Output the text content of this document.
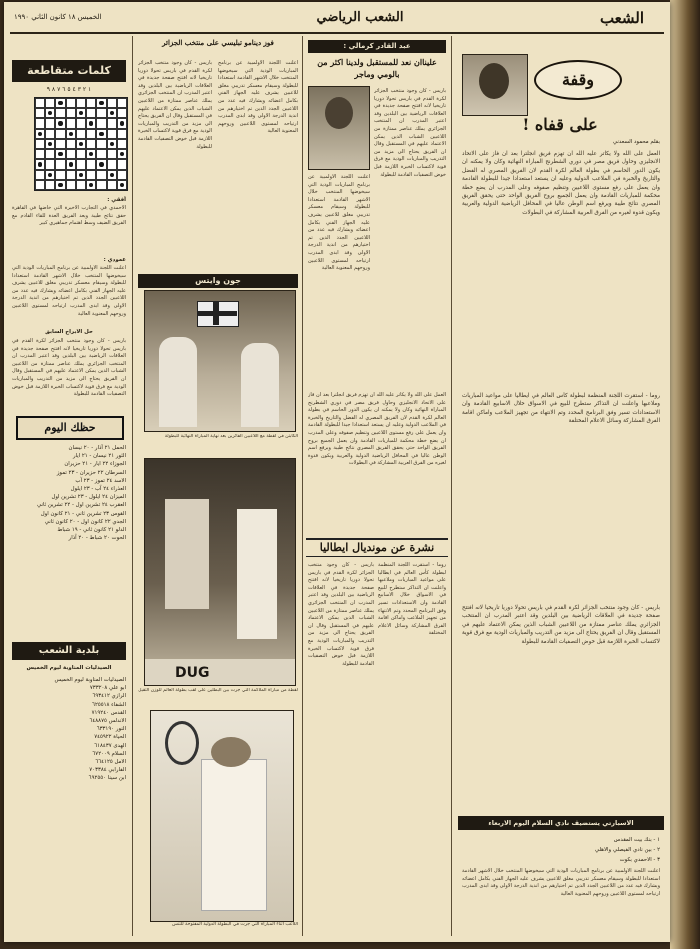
الشعب
الشعب الرياضي
الخميس ١٨ كانون الثاني ١٩٩٠
كلمات متقاطعة
١ ٢ ٣ ٤ ٥ ٦ ٧ ٨ ٩
أفقي :
الاحمدي في التجارب الاخيرة التي خاضها في القاهرة حقق نتائج طيبة ويعد الفريق العدة للقاء القادم مع الفريق الضيف وسط اهتمام جماهيري كبير
عمودي :
اعلنت اللجنة الاولمبية عن برنامج المباريات الودية التي سيخوضها المنتخب خلال الاشهر القادمة استعدادا للبطولة وسيقام معسكر تدريبي مغلق للاعبين يشرف عليه الجهاز الفني بكامل اعضائه ويشارك فيه عدد من اللاعبين الجدد الذين تم اختيارهم من اندية الدرجة الاولى وقد ابدى المدرب ارتياحه لمستوى اللاعبين وروحهم المعنوية العالية
حل الابراج السابق
باريس - كان وجود منتخب الجزائر لكرة القدم في باريس تحولا دوريا تاريخيا لانه افتتح صفحة جديدة في العلاقات الرياضية بين البلدين وقد اعتبر المدرب ان المنتخب الجزائري يملك عناصر ممتازة من اللاعبين الشباب الذين يمكن الاعتماد عليهم في المستقبل وقال ان الفريق يحتاج الى مزيد من التدريب والمباريات الودية مع فرق قوية لاكتساب الخبرة اللازمة قبل خوض التصفيات القادمة للبطولة
حظك اليوم
الحمل ٢١ آذار - ٢٠ نيسان
الثور ٢١ نيسان - ٢١ ايار
الجوزاء ٢٢ ايار - ٢١ حزيران
السرطان ٢٢ حزيران - ٢٣ تموز
الاسد ٢٤ تموز - ٢٣ آب
العذراء ٢٤ آب - ٢٣ ايلول
الميزان ٢٤ ايلول - ٢٣ تشرين اول
العقرب ٢٤ تشرين اول - ٢٢ تشرين ثاني
القوس ٢٣ تشرين ثاني - ٢١ كانون اول
الجدي ٢٢ كانون اول - ٢٠ كانون ثاني
الدلو ٢١ كانون ثاني - ١٩ شباط
الحوت ٢٠ شباط - ٢٠ آذار
بلدية الشعب
الصيدليات المناوبة ليوم الخميس
الصيدليات المناوبة ليوم الخميس
ابو علي ٧٣٣٢٠٨
الرازي ٦٩٣٤١٢
الشفاء ٦٢٥٥١٨
القدس ٧١٩٢٤٠
الاندلس ٦٤٨٨٧٥
النور ٦٣٣١٩٠
الحياة ٧٤٥٩٢٢
الهدى ٦١٨٤٣٧
السلام ٦٧٢٠٠٩
الامل ٦٦٤١٢٥
الفارابي ٧٠٣٣٨٤
ابن سينا ٦٩٢٥٥٠
فوز دينامو تبليسي على منتخب الجزائر
باريس - كان وجود منتخب الجزائر لكرة القدم في باريس تحولا دوريا تاريخيا لانه افتتح صفحة جديدة في العلاقات الرياضية بين البلدين وقد اعتبر المدرب ان المنتخب الجزائري يملك عناصر ممتازة من اللاعبين الشباب الذين يمكن الاعتماد عليهم في المستقبل وقال ان الفريق يحتاج الى مزيد من التدريب والمباريات الودية مع فرق قوية لاكتساب الخبرة اللازمة قبل خوض التصفيات القادمة للبطولة
اعلنت اللجنة الاولمبية عن برنامج المباريات الودية التي سيخوضها المنتخب خلال الاشهر القادمة استعدادا للبطولة وسيقام معسكر تدريبي مغلق للاعبين يشرف عليه الجهاز الفني بكامل اعضائه ويشارك فيه عدد من اللاعبين الجدد الذين تم اختيارهم من اندية الدرجة الاولى وقد ابدى المدرب ارتياحه لمستوى اللاعبين وروحهم المعنوية العالية
جون وايتس
الكابتن في لقطة مع اللاعبين الفائزين بعد نهاية المباراة النهائية للبطولة
DUG
لقطة من مباراة الملاكمة التي جرت بين البطلين على لقب بطولة العالم للوزن الثقيل
اللاعب اثناء المباراة التي جرت في البطولة الدولية المفتوحة للتنس
عبد القادر كرمالي :
عليناان نعد للمستقبل ولدينا اكثر من بالومي وماجر
باريس - كان وجود منتخب الجزائر لكرة القدم في باريس تحولا دوريا تاريخيا لانه افتتح صفحة جديدة في العلاقات الرياضية بين البلدين وقد اعتبر المدرب ان المنتخب الجزائري يملك عناصر ممتازة من اللاعبين الشباب الذين يمكن الاعتماد عليهم في المستقبل وقال ان الفريق يحتاج الى مزيد من التدريب والمباريات الودية مع فرق قوية لاكتساب الخبرة اللازمة قبل خوض التصفيات القادمة للبطولة
اعلنت اللجنة الاولمبية عن برنامج المباريات الودية التي سيخوضها المنتخب خلال الاشهر القادمة استعدادا للبطولة وسيقام معسكر تدريبي مغلق للاعبين يشرف عليه الجهاز الفني بكامل اعضائه ويشارك فيه عدد من اللاعبين الجدد الذين تم اختيارهم من اندية الدرجة الاولى وقد ابدى المدرب ارتياحه لمستوى اللاعبين وروحهم المعنوية العالية
العمل على الله ولا يكاتر عليه الله ان تهزم فريق انجلترا بعد ان فاز على الاتحاد الانجليزي وحاول فريق مصر في دوري الشطرنج المباراة النهائية وكان ولا يمكنه ان يكون الدور الحاسم في بطولة العالم لكرة القدم لان الفريق المصري له الفضل والتاريخ والخبرة في الملاعب الدولية وعليه ان يستعد استعدادا جيدا للبطولة القادمة وان يعمل على رفع مستوى اللاعبين وتنظيم صفوفه وعلى المدرب ان يضع خطة محكمة للمباريات القادمة وان يعمل الجميع بروح الفريق الواحد حتى يحقق الفريق المصري نتائج طيبة ويرفع اسم الوطن عاليا في المحافل الرياضية الدولية والعربية ويكون قدوة لغيره من الفرق العربية المشاركة في البطولات
نشرة عن مونديال ايطاليا
روما - استقرت اللجنة المنظمة لبطولة كأس العالم في ايطاليا على مواعيد المباريات وملاعبها واعلنت ان التذاكر ستطرح للبيع في الاسواق خلال الاسابيع القادمة وان الاستعدادات تسير وفق البرنامج المحدد وتم الانتهاء من تجهيز الملاعب واماكن اقامة الفرق المشاركة وسائل الاعلام المختلفة
باريس - كان وجود منتخب الجزائر لكرة القدم في باريس تحولا دوريا تاريخيا لانه افتتح صفحة جديدة في العلاقات الرياضية بين البلدين وقد اعتبر المدرب ان المنتخب الجزائري يملك عناصر ممتازة من اللاعبين الشباب الذين يمكن الاعتماد عليهم في المستقبل وقال ان الفريق يحتاج الى مزيد من التدريب والمباريات الودية مع فرق قوية لاكتساب الخبرة اللازمة قبل خوض التصفيات القادمة للبطولة
وقفة
على قفاه !
بقلم محمود السعدني
العمل على الله ولا يكاتر عليه الله ان تهزم فريق انجلترا بعد ان فاز على الاتحاد الانجليزي وحاول فريق مصر في دوري الشطرنج المباراة النهائية وكان ولا يمكنه ان يكون الدور الحاسم في بطولة العالم لكرة القدم لان الفريق المصري له الفضل والتاريخ والخبرة في الملاعب الدولية وعليه ان يستعد استعدادا جيدا للبطولة القادمة وان يعمل على رفع مستوى اللاعبين وتنظيم صفوفه وعلى المدرب ان يضع خطة محكمة للمباريات القادمة وان يعمل الجميع بروح الفريق الواحد حتى يحقق الفريق المصري نتائج طيبة ويرفع اسم الوطن عاليا في المحافل الرياضية الدولية والعربية ويكون قدوة لغيره من الفرق العربية المشاركة في البطولات
روما - استقرت اللجنة المنظمة لبطولة كأس العالم في ايطاليا على مواعيد المباريات وملاعبها واعلنت ان التذاكر ستطرح للبيع في الاسواق خلال الاسابيع القادمة وان الاستعدادات تسير وفق البرنامج المحدد وتم الانتهاء من تجهيز الملاعب واماكن اقامة الفرق المشاركة وسائل الاعلام المختلفة
باريس - كان وجود منتخب الجزائر لكرة القدم في باريس تحولا دوريا تاريخيا لانه افتتح صفحة جديدة في العلاقات الرياضية بين البلدين وقد اعتبر المدرب ان المنتخب الجزائري يملك عناصر ممتازة من اللاعبين الشباب الذين يمكن الاعتماد عليهم في المستقبل وقال ان الفريق يحتاج الى مزيد من التدريب والمباريات الودية مع فرق قوية لاكتساب الخبرة اللازمة قبل خوض التصفيات القادمة للبطولة
الاسبارتي يستضيف نادي السلام اليوم الاربعاء
١ - بنك بيت المقدس
٢ - بين نادي الفيصلي والاهلي
٣ - الاحمدي بكوت
اعلنت اللجنة الاولمبية عن برنامج المباريات الودية التي سيخوضها المنتخب خلال الاشهر القادمة استعدادا للبطولة وسيقام معسكر تدريبي مغلق للاعبين يشرف عليه الجهاز الفني بكامل اعضائه ويشارك فيه عدد من اللاعبين الجدد الذين تم اختيارهم من اندية الدرجة الاولى وقد ابدى المدرب ارتياحه لمستوى اللاعبين وروحهم المعنوية العالية
